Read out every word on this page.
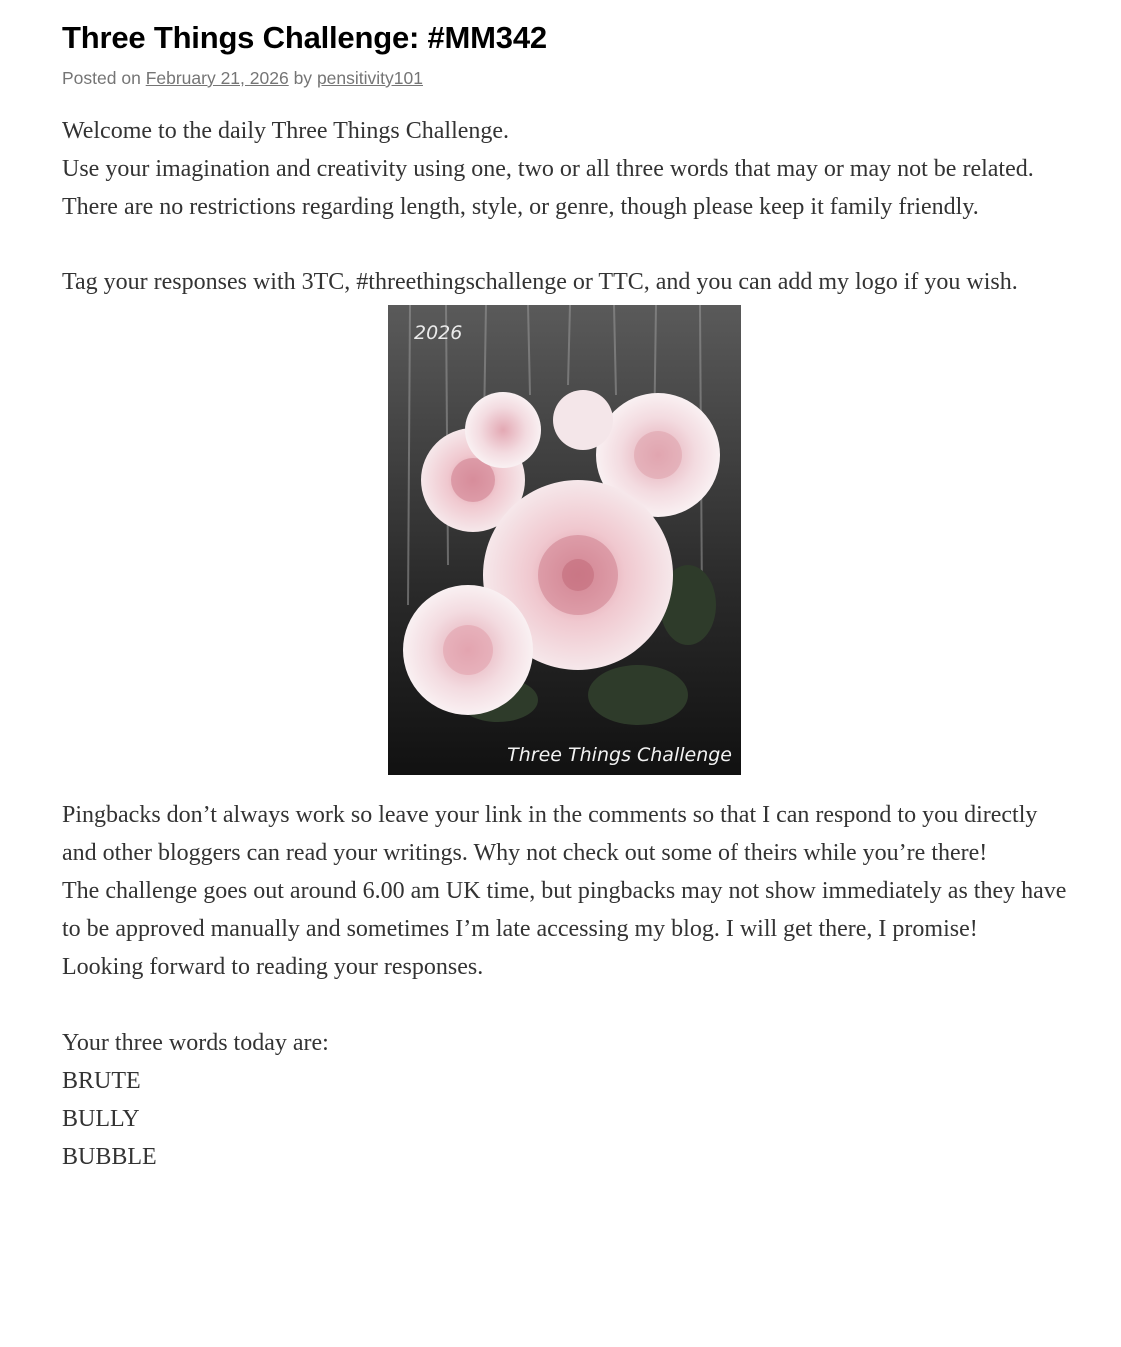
Three Things Challenge: #MM342
Posted on February 21, 2026 by pensitivity101

Welcome to the daily Three Things Challenge.

Use your imagination and creativity using one, two or all three words that may or may not be related. There are no restrictions regarding length, style, or genre, though please keep it family friendly.

Tag your responses with 3TC, #threethingschallenge or TTC, and you can add my logo if you wish.

2026
Three Things Challenge

Pingbacks don’t always work so leave your link in the comments so that I can respond to you directly and other bloggers can read your writings. Why not check out some of theirs while you’re there!

The challenge goes out around 6.00 am UK time, but pingbacks may not show immediately as they have to be approved manually and sometimes I’m late accessing my blog. I will get there, I promise!

Looking forward to reading your responses.

Your three words today are:

BRUTE

BULLY

BUBBLE
